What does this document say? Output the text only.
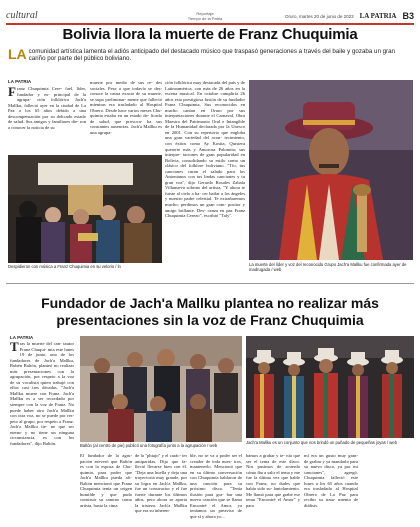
cultural	Reportaje
Tiempo de la Patria	Oruro, martes 20 de junio de 2023 LA PATRIA B3
Bolivia llora la muerte de Franz Chuquimia

LA comunidad artística lamenta el adiós anticipado del destacado músico que traspasó generaciones a través del baile y gozaba un gran cariño por parte del público boliviano.

LA PATRIA
Franz Chuquimia Cere- fael, líder, fundador y ex- principal de la agrupa- ción folklórica Jach'a Mallku, falleció ayer en la ciudad de La Paz a los 65 años debido a una descompensación por su delicado estado de salud. Sus amigos y familiares die- ron a conocer la noticia de su
muerte por medio de sus re- des sociales. Pese a que todavía se des- conoce la causa exacta de su muerte, se supo preliminar- mente que falleció mientras era trasladado al Hospital Obrero. Desde hace varios meses Chu- quimia estaba en un estado de- licado de salud, que provoca- ba sus constantes ausencias. Jach'a Mallku es una agrupa-
ción folklórica muy destacada del país y de Latinoamérica, con más de 26 años en la escena musical. En octubre cumpliría 26 años esta prestigiosa fusión de su fundador Franz Chuquimia, Sus reconocidos en mucho cantan en Oruro por sus interpretaciones durante el Carnaval, Obra Maestra del Patrimonio Oral e Intangible de la Humanidad declarada por la Unesco en 2001. Con su repertorio que engloba una gran variedad del acon- tecimiento, con éxitos como Ay Kosita, Quisiera quererte más y Amorosa Palomita; sus interpre- taciones de gran popularidad en Bolivia, consolidando su estilo como un clásico del folklore boliviano. "Tío, tus canciones curan el salado para los Antonianos con tus lindas canciones y tu gran voz", dijo Gerardo Rosales Zabala Villanueva sobrino del artista. "Y ahora te fuiste al cielo a ha- cer bailar a los ángeles y nuestro padre celestial. Te extrañaremos mucho; perdimos un gran com- positor y amigo brillante. Des- canza en paz Franz Chuquimia Cerezo", escribió "Taly".
Despidieron con música a Franz Chuquimia en su velorio / ln	La muerte del líder y voz del reconocido Grupo Jach'a Mallku fue confirmada ayer de madrugada / web
Fundador de Jach'a Mallku plantea no realizar más presentaciones sin la voz de Franz Chuquimia
LA PATRIA
Tras la muerte del can- tautor Franz Chuqui- mia este lunes 19 de junio, uno de los fundadores de Jach'a Mallku, Rubén Baltón, planteó no realizar más presentaciones con la agrupación, por respeto a la voz de su vocalista quien trabajó con ellos casi tres décadas. "Jach'a Mallku muere con Franz. Jach'a Mallku es a ser recordado por siempre con la voz de Franz. No puede haber otro Jach'a Mallku con otra voz, no se puede por res- peto al grupo, por respeto a Franz. Jach'a Mallku tie- ne que ser eterno y no tiene un ninguna circunstancia, es con los fundadores", dijo Baltón.	Baltón (al centro de pie) publicó una fotografía junto a la agrupación / web
Jach'a Mallku es un conjunto que nos brindó un puñado de pequeñas joyas / web
El fundador de la agru- pación aseveró que Baltón es con la esposa de Chu- quimia, para poder que Jach'a Mallku pueda afi- Baltón mencionó que Franz Chuquimia tenía un origen humilde y que pudo construir su camino como artista, hasta la cima
de la "phiajo" y el carác- ter antiparidas. Dijo que fa- lleció llevarse bien con él. "Deja una huella y deja una trayectoria muy grande, por su logra en Jach'a Mallku, fue un constructor y el fue fuerte durante los últimos años, pero ahora se aporta la tristeza. Jach'a Mallku que era su inheren-
ble, no se va a poder ser el creador de toda nues- tros, mantenerlo. Mencionó que en su último conversación con Chuquimia hablaron de una canción para su próximo disco. "Tenía ilusión para gra- bar una nueva canción que se llama Encontré el Amor, ya teníamos un preaviso de que sí y ahora yo...
bamos a grabar y te- nía que ser el tema de este disco. Nos pusimos de acuerdo cómo íba a salir el tema y me fue la última vez que hable con Franz, no dudes que había sido su- lantolamiento. Me llamó para que grabe ese tema "Encontré el Amor" y para
mí era un gusto muy gran- de grabar y ya mandarlo para su nuevo disco, ya por mi canciones", agregó. Chuquimia falleció este lunes a los 65 años cuando era trasladado al Hospital Obrero de La Paz para recibir su trata- miento de diálisis.
